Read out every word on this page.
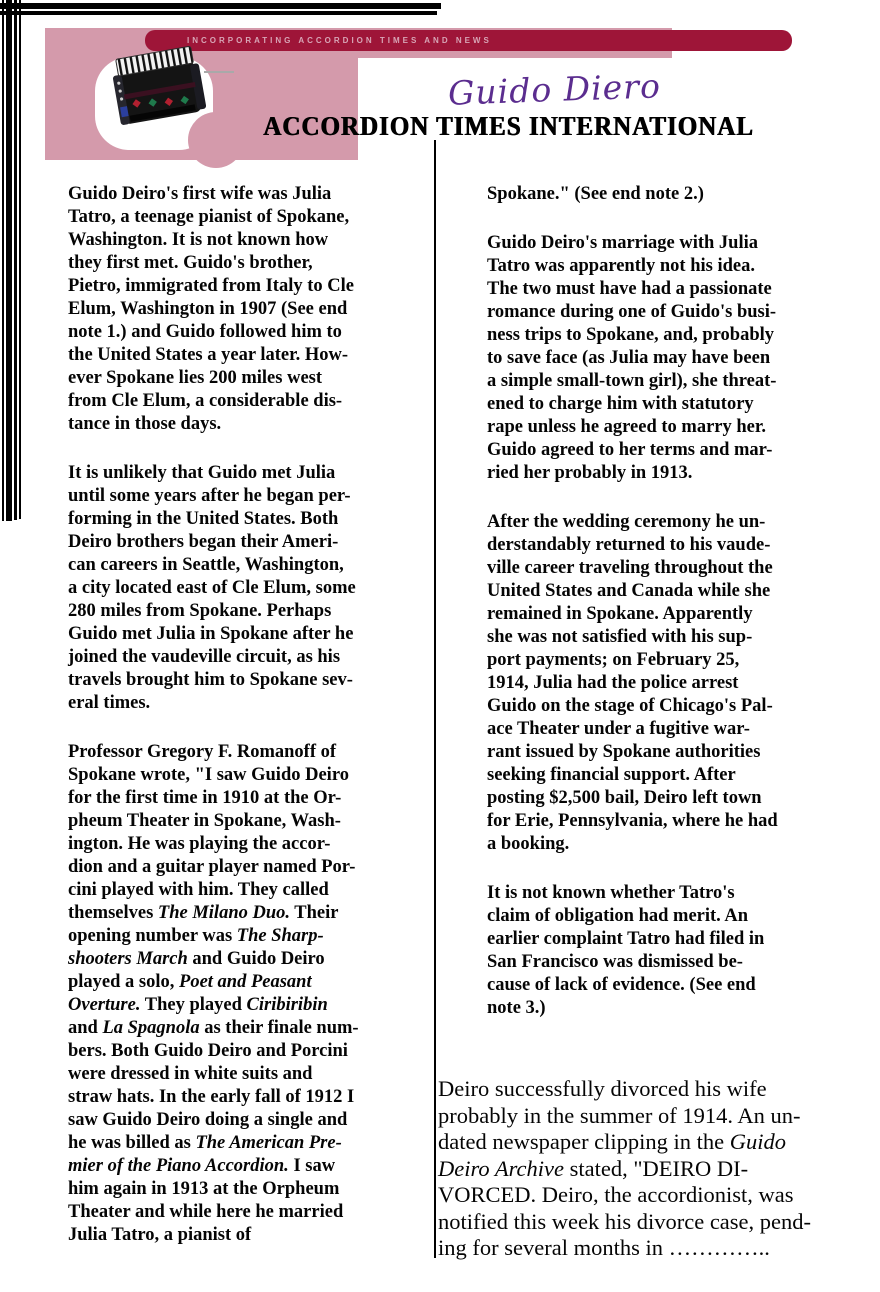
INCORPORATING ACCORDION TIMES AND NEWS
Guido Diero
ACCORDION TIMES INTERNATIONAL

Guido Deiro's first wife was Julia
Tatro, a teenage pianist of Spokane,
Washington. It is not known how
they first met. Guido's brother,
Pietro, immigrated from Italy to Cle
Elum, Washington in 1907 (See end
note 1.) and Guido followed him to
the United States a year later. How-
ever Spokane lies 200 miles west
from Cle Elum, a considerable dis-
tance in those days.

It is unlikely that Guido met Julia
until some years after he began per-
forming in the United States. Both
Deiro brothers began their Ameri-
can careers in Seattle, Washington,
a city located east of Cle Elum, some
280 miles from Spokane. Perhaps
Guido met Julia in Spokane after he
joined the vaudeville circuit, as his
travels brought him to Spokane sev-
eral times.

Professor Gregory F. Romanoff of
Spokane wrote, "I saw Guido Deiro
for the first time in 1910 at the Or-
pheum Theater in Spokane, Wash-
ington. He was playing the accor-
dion and a guitar player named Por-
cini played with him. They called
themselves The Milano Duo. Their
opening number was The Sharp-
shooters March and Guido Deiro
played a solo, Poet and Peasant
Overture. They played Ciribiribin
and La Spagnola as their finale num-
bers. Both Guido Deiro and Porcini
were dressed in white suits and
straw hats. In the early fall of 1912 I
saw Guido Deiro doing a single and
he was billed as The American Pre-
mier of the Piano Accordion. I saw
him again in 1913 at the Orpheum
Theater and while here he married
Julia Tatro, a pianist of

Spokane." (See end note 2.)

Guido Deiro's marriage with Julia
Tatro was apparently not his idea.
The two must have had a passionate
romance during one of Guido's busi-
ness trips to Spokane, and, probably
to save face (as Julia may have been
a simple small-town girl), she threat-
ened to charge him with statutory
rape unless he agreed to marry her.
Guido agreed to her terms and mar-
ried her probably in 1913.

After the wedding ceremony he un-
derstandably returned to his vaude-
ville career traveling throughout the
United States and Canada while she
remained in Spokane. Apparently
she was not satisfied with his sup-
port payments; on February 25,
1914, Julia had the police arrest
Guido on the stage of Chicago's Pal-
ace Theater under a fugitive war-
rant issued by Spokane authorities
seeking financial support. After
posting $2,500 bail, Deiro left town
for Erie, Pennsylvania, where he had
a booking.

It is not known whether Tatro's
claim of obligation had merit. An
earlier complaint Tatro had filed in
San Francisco was dismissed be-
cause of lack of evidence. (See end
note 3.)

Deiro successfully divorced his wife
probably in the summer of 1914. An un-
dated newspaper clipping in the Guido
Deiro Archive stated, "DEIRO DI-
VORCED. Deiro, the accordionist, was
notified this week his divorce case, pend-
ing for several months in …………..
